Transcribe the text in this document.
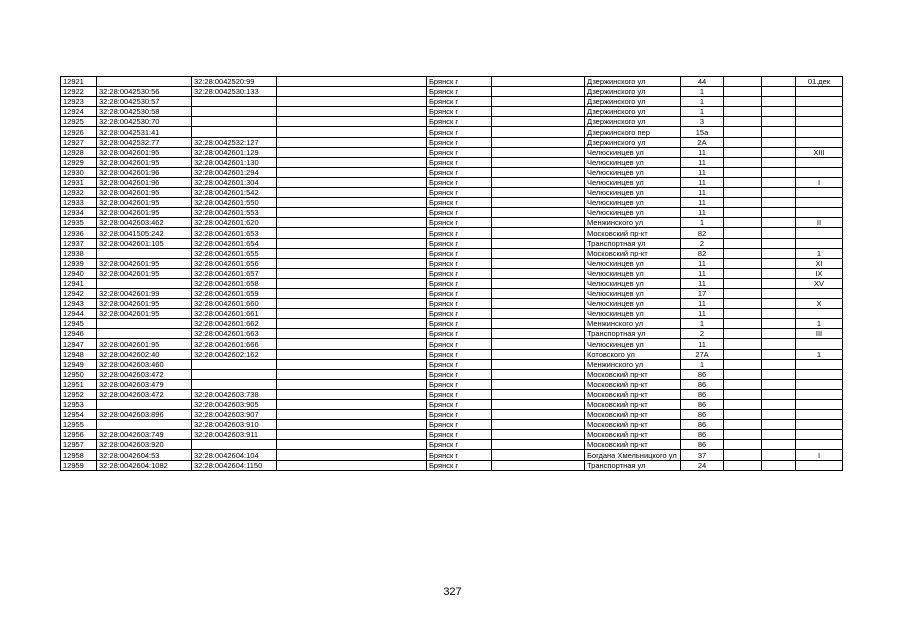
12921		32:28:0042520:99		Брянск г		Дзержинского ул	44			01.дек
12922	32:28:0042530:56	32:28:0042530:133		Брянск г		Дзержинского ул	1			
12923	32:28:0042530:57			Брянск г		Дзержинского ул	1			
12924	32:28:0042530:58			Брянск г		Дзержинского ул	1			
12925	32:28:0042530:70			Брянск г		Дзержинского ул	3			
12926	32:28:0042531:41			Брянск г		Дзержинского пер	15а			
12927	32:28:0042532:77	32:28:0042532:127		Брянск г		Дзержинского ул	2А			
12928	32:28:0042601:95	32:28:0042601:129		Брянск г		Челюскинцев ул	11			XIII
12929	32:28:0042601:95	32:28:0042601:130		Брянск г		Челюскинцев ул	11			
12930	32:28:0042601:96	32:28:0042601:294		Брянск г		Челюскинцев ул	11			
12931	32:28:0042601:96	32:28:0042601:304		Брянск г		Челюскинцев ул	11			I
12932	32:28:0042601:95	32:28:0042601:542		Брянск г		Челюскинцев ул	11			
12933	32:28:0042601:95	32:28:0042601:550		Брянск г		Челюскинцев ул	11			
12934	32:28:0042601:95	32:28:0042601:553		Брянск г		Челюскинцев ул	11			
12935	32:28:0042603:462	32:28:0042601:620		Брянск г		Менжинского ул	1			II
12936	32:28:0041505:242	32:28:0042601:653		Брянск г		Московский пр-кт	82			
12937	32:28:0042601:105	32:28:0042601:654		Брянск г		Транспортная ул	2			
12938		32:28:0042601:655		Брянск г		Московский пр-кт	82			1
12939	32:28:0042601:95	32:28:0042601:656		Брянск г		Челюскинцев ул	11			XI
12940	32:28:0042601:95	32:28:0042601:657		Брянск г		Челюскинцев ул	11			IX
12941		32:28:0042601:658		Брянск г		Челюскинцев ул	11			XV
12942	32:28:0042601:99	32:28:0042601:659		Брянск г		Челюскинцев ул	17			
12943	32:28:0042601:95	32:28:0042601:660		Брянск г		Челюскинцев ул	11			X
12944	32:28:0042601:95	32:28:0042601:661		Брянск г		Челюскинцев ул	11			
12945		32:28:0042601:662		Брянск г		Менжинского ул	1			1
12946		32:28:0042601:663		Брянск г		Транспортная ул	2			III
12947	32:28:0042601:95	32:28:0042601:666		Брянск г		Челюскинцев ул	11			
12948	32:28:0042602:40	32:28:0042602:162		Брянск г		Котовского ул	27А			1
12949	32:28:0042603:460			Брянск г		Менжинского ул	1			
12950	32:28:0042603:472			Брянск г		Московский пр-кт	86			
12951	32:28:0042603:479			Брянск г		Московский пр-кт	86			
12952	32:28:0042603:472	32:28:0042603:738		Брянск г		Московский пр-кт	86			
12953		32:28:0042603:905		Брянск г		Московский пр-кт	86			
12954	32:28:0042603:896	32:28:0042603:907		Брянск г		Московский пр-кт	86			
12955		32:28:0042603:910		Брянск г		Московский пр-кт	86			
12956	32:28:0042603:749	32:28:0042603:911		Брянск г		Московский пр-кт	86			
12957	32:28:0042603:920			Брянск г		Московский пр-кт	86			
12958	32:28:0042604:53	32:28:0042604:104		Брянск г		Богдана Хмельницкого ул	37			I
12959	32:28:0042604:1082	32:28:0042604:1150		Брянск г		Транспортная ул	24			
327
